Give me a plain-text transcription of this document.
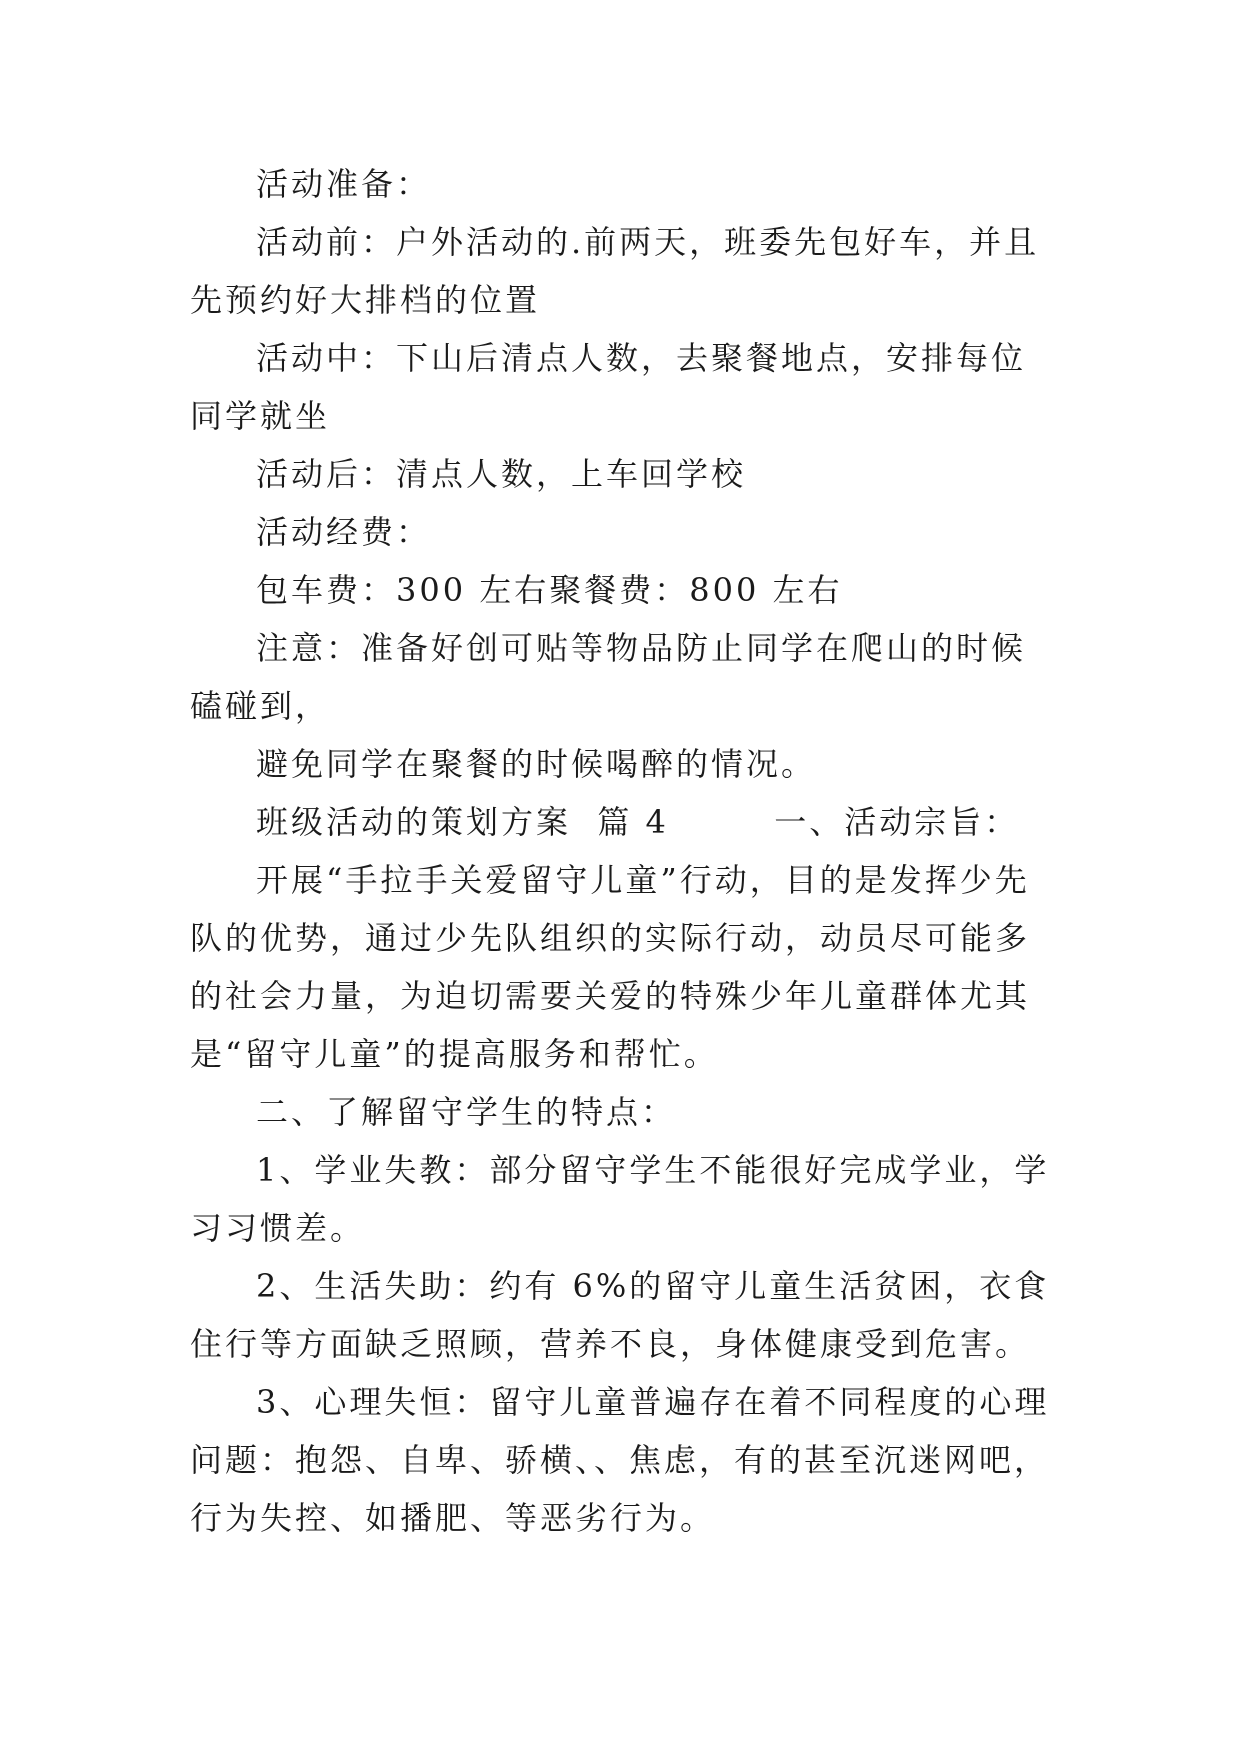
活动准备：

活动前：户外活动的.前两天，班委先包好车，并且先预约好大排档的位置

活动中：下山后清点人数，去聚餐地点，安排每位同学就坐

活动后：清点人数，上车回学校

活动经费：

包车费：300 左右聚餐费：800 左右

注意：准备好创可贴等物品防止同学在爬山的时候磕碰到，

避免同学在聚餐的时候喝醉的情况。

班级活动的策划方案  篇 4        一、活动宗旨：

开展“手拉手关爱留守儿童”行动，目的是发挥少先队的优势，通过少先队组织的实际行动，动员尽可能多的社会力量，为迫切需要关爱的特殊少年儿童群体尤其是“留守儿童”的提高服务和帮忙。

二、了解留守学生的特点：

1、学业失教：部分留守学生不能很好完成学业，学习习惯差。

2、生活失助：约有 6%的留守儿童生活贫困，衣食住行等方面缺乏照顾，营养不良，身体健康受到危害。

3、心理失恒：留守儿童普遍存在着不同程度的心理问题：抱怨、自卑、骄横、、焦虑，有的甚至沉迷网吧，行为失控、如播肥、等恶劣行为。
